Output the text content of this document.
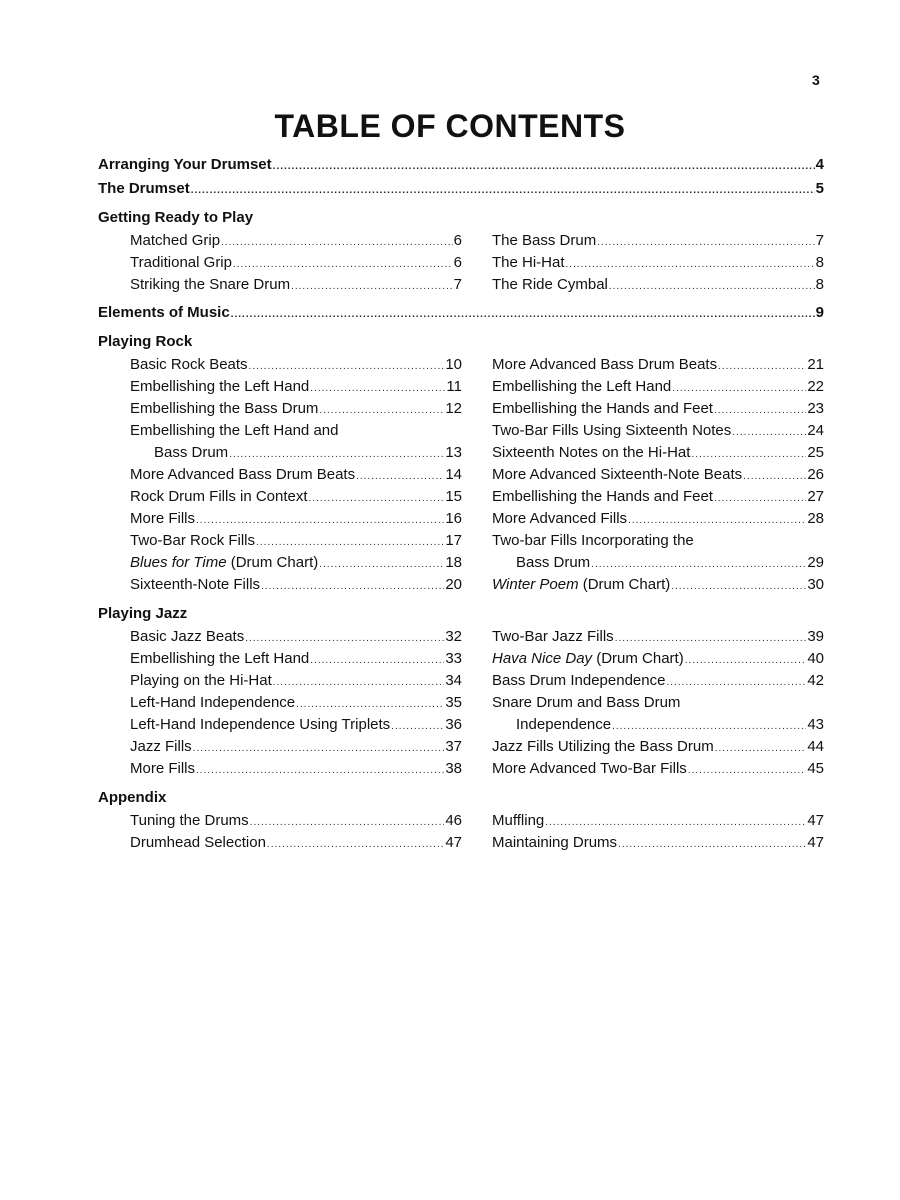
3
TABLE OF CONTENTS
Arranging Your Drumset .....	4
The Drumset .....	5
Getting Ready to Play
Matched Grip .....	6
Traditional Grip .....	6
Striking the Snare Drum .....	7
The Bass Drum .....	7
The Hi-Hat .....	8
The Ride Cymbal .....	8
Elements of Music .....	9
Playing Rock
Basic Rock Beats .....	10
Embellishing the Left Hand .....	11
Embellishing the Bass Drum .....	12
Embellishing the Left Hand and
Bass Drum .....	13
More Advanced Bass Drum Beats .....	14
Rock Drum Fills in Context .....	15
More Fills .....	16
Two-Bar Rock Fills .....	17
Blues for Time (Drum Chart) .....	18
Sixteenth-Note Fills .....	20
More Advanced Bass Drum Beats .....	21
Embellishing the Left Hand .....	22
Embellishing the Hands and Feet .....	23
Two-Bar Fills Using Sixteenth Notes .....	24
Sixteenth Notes on the Hi-Hat .....	25
More Advanced Sixteenth-Note Beats .....	26
Embellishing the Hands and Feet .....	27
More Advanced Fills .....	28
Two-bar Fills Incorporating the
Bass Drum .....	29
Winter Poem (Drum Chart) .....	30
Playing Jazz
Basic Jazz Beats .....	32
Embellishing the Left Hand .....	33
Playing on the Hi-Hat .....	34
Left-Hand Independence .....	35
Left-Hand Independence Using Triplets .....	36
Jazz Fills .....	37
More Fills .....	38
Two-Bar Jazz Fills .....	39
Hava Nice Day (Drum Chart) .....	40
Bass Drum Independence .....	42
Snare Drum and Bass Drum
Independence .....	43
Jazz Fills Utilizing the Bass Drum .....	44
More Advanced Two-Bar Fills .....	45
Appendix
Tuning the Drums .....	46
Drumhead Selection .....	47
Muffling .....	47
Maintaining Drums .....	47
